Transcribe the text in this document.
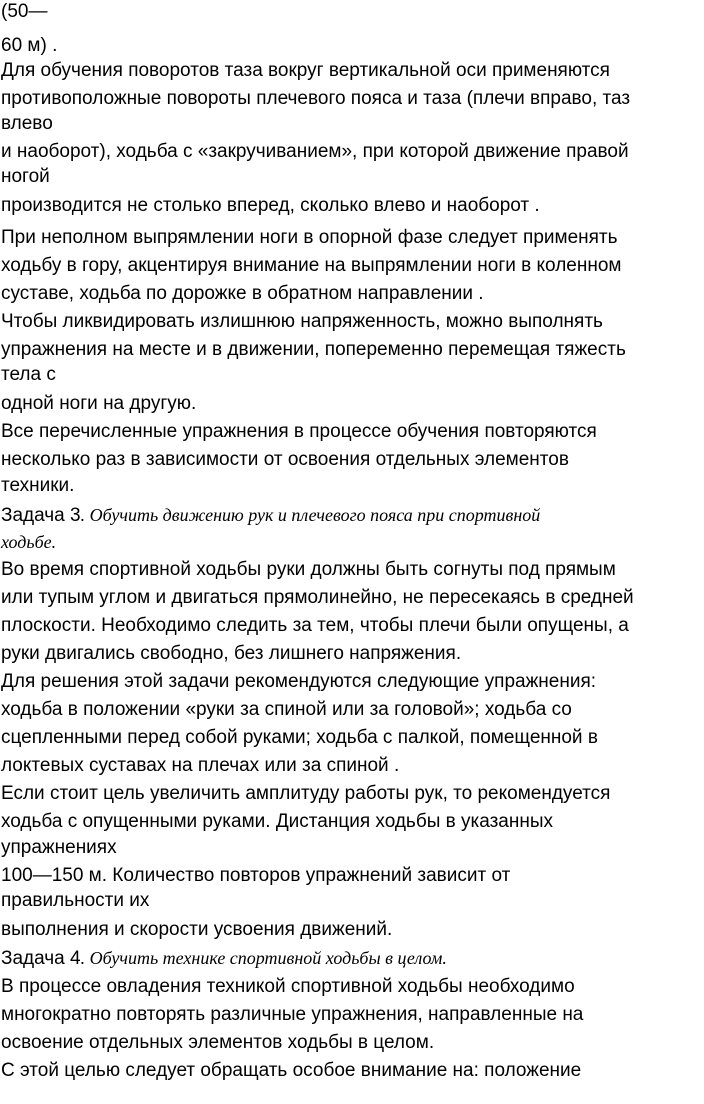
(50—
60 м) .
Для обучения поворотов таза вокруг вертикальной оси применяются
противоположные повороты плечевого пояса и таза (плечи вправо, таз
влево
и наоборот), ходьба с «закручиванием», при которой движение правой
ногой
производится не столько вперед, сколько влево и наоборот .
При неполном выпрямлении ноги в опорной фазе следует применять
ходьбу в гору, акцентируя внимание на выпрямлении ноги в коленном
суставе, ходьба по дорожке в обратном направлении .
Чтобы ликвидировать излишнюю напряженность, можно выполнять
упражнения на месте и в движении, попеременно перемещая тяжесть
тела с
одной ноги на другую.
Все перечисленные упражнения в процессе обучения повторяются
несколько раз в зависимости от освоения отдельных элементов
техники.
Задача 3. Обучить движению рук и плечевого пояса при спортивной
ходьбе.
Во время спортивной ходьбы руки должны быть согнуты под прямым
или тупым углом и двигаться прямолинейно, не пересекаясь в средней
плоскости. Необходимо следить за тем, чтобы плечи были опущены, а
руки двигались свободно, без лишнего напряжения.
Для решения этой задачи рекомендуются следующие упражнения:
ходьба в положении «руки за спиной или за головой»; ходьба со
сцепленными перед собой руками; ходьба с палкой, помещенной в
локтевых суставах на плечах или за спиной .
Если стоит цель увеличить амплитуду работы рук, то рекомендуется
ходьба с опущенными руками. Дистанция ходьбы в указанных
упражнениях
100—150 м. Количество повторов упражнений зависит от
правильности их
выполнения и скорости усвоения движений.
Задача 4. Обучить технике спортивной ходьбы в целом.
В процессе овладения техникой спортивной ходьбы необходимо
многократно повторять различные упражнения, направленные на
освоение отдельных элементов ходьбы в целом.
С этой целью следует обращать особое внимание на: положение
